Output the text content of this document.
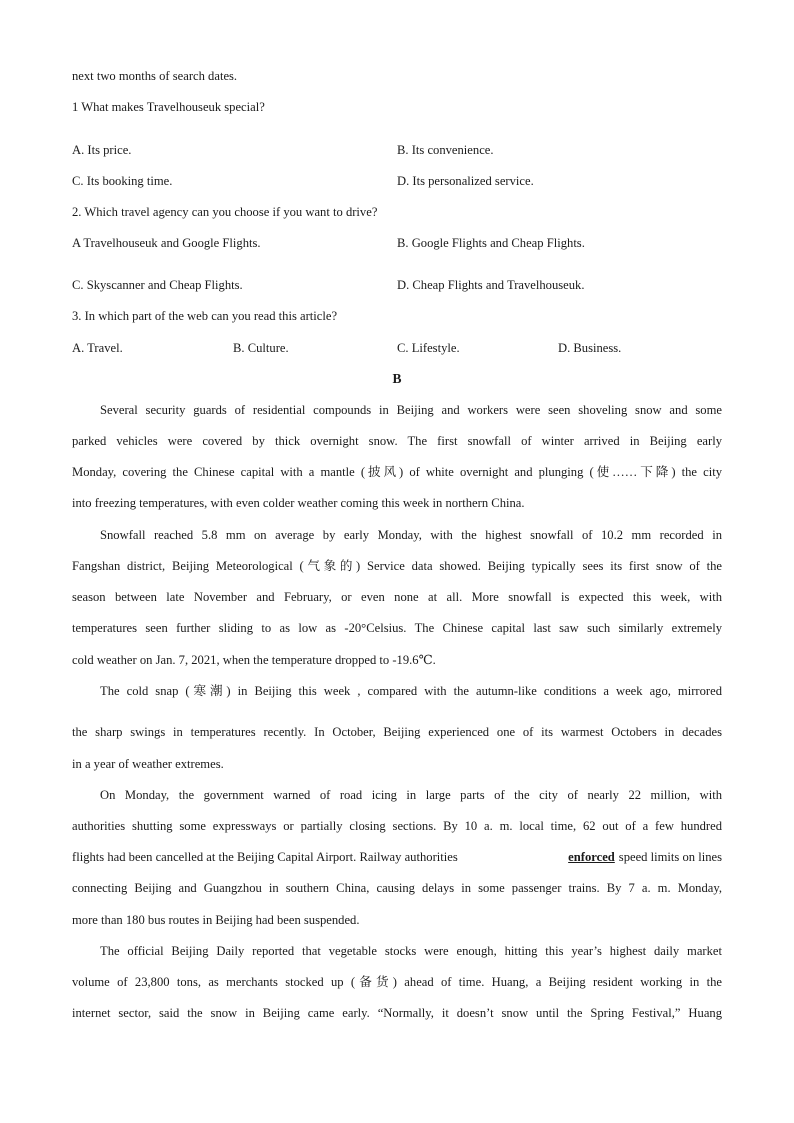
next two months of search dates.
1 What makes Travelhouseuk special?
A. Its price.	B. Its convenience.
C. Its booking time.	D. Its personalized service.
2. Which travel agency can you choose if you want to drive?
A Travelhouseuk and Google Flights.	B. Google Flights and Cheap Flights.
C. Skyscanner and Cheap Flights.	D. Cheap Flights and Travelhouseuk.
3. In which part of the web can you read this article?
A. Travel.	B. Culture.	C. Lifestyle.	D. Business.
B
Several security guards of residential compounds in Beijing and workers were seen shoveling snow and some
parked vehicles were covered by thick overnight snow. The first snowfall of winter arrived in Beijing early
Monday, covering the Chinese capital with a mantle (披风) of white overnight and plunging (使……下降) the city
into freezing temperatures, with even colder weather coming this week in northern China.
Snowfall reached 5.8 mm on average by early Monday, with the highest snowfall of 10.2 mm recorded in
Fangshan district, Beijing Meteorological (气象的) Service data showed. Beijing typically sees its first snow of the
season between late November and February, or even none at all. More snowfall is expected this week, with
temperatures seen further sliding to as low as -20°Celsius. The Chinese capital last saw such similarly extremely
cold weather on Jan. 7, 2021, when the temperature dropped to -19.6℃.
The cold snap (寒潮) in Beijing this week , compared with the autumn-like conditions a week ago, mirrored
the sharp swings in temperatures recently. In October, Beijing experienced one of its warmest Octobers in decades
in a year of weather extremes.
On Monday, the government warned of road icing in large parts of the city of nearly 22 million, with
authorities shutting some expressways or partially closing sections. By 10 a. m. local time, 62 out of a few hundred
flights had been cancelled at the Beijing Capital Airport. Railway authorities	enforced speed limits on lines
connecting Beijing and Guangzhou in southern China, causing delays in some passenger trains. By 7 a. m. Monday,
more than 180 bus routes in Beijing had been suspended.
The official Beijing Daily reported that vegetable stocks were enough, hitting this year’s highest daily market
volume of 23,800 tons, as merchants stocked up (备货) ahead of time. Huang, a Beijing resident working in the
internet sector, said the snow in Beijing came early. “Normally, it doesn’t snow until the Spring Festival,” Huang
